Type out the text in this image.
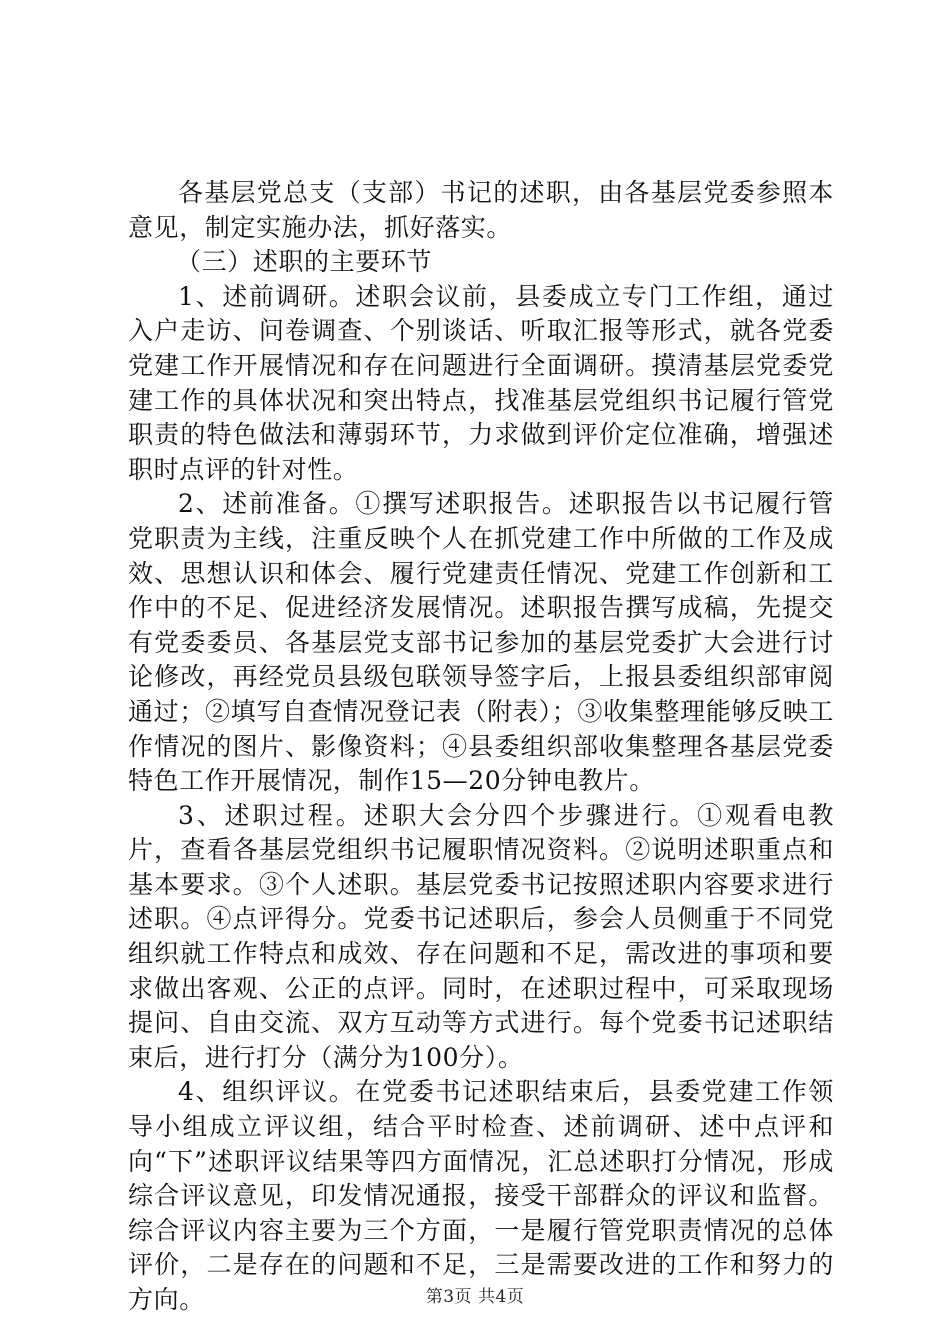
各基层党总支（支部）书记的述职，由各基层党委参照本意见，制定实施办法，抓好落实。

（三）述职的主要环节

1、述前调研。述职会议前，县委成立专门工作组，通过入户走访、问卷调查、个别谈话、听取汇报等形式，就各党委党建工作开展情况和存在问题进行全面调研。摸清基层党委党建工作的具体状况和突出特点，找准基层党组织书记履行管党职责的特色做法和薄弱环节，力求做到评价定位准确，增强述职时点评的针对性。

2、述前准备。①撰写述职报告。述职报告以书记履行管党职责为主线，注重反映个人在抓党建工作中所做的工作及成效、思想认识和体会、履行党建责任情况、党建工作创新和工作中的不足、促进经济发展情况。述职报告撰写成稿，先提交有党委委员、各基层党支部书记参加的基层党委扩大会进行讨论修改，再经党员县级包联领导签字后，上报县委组织部审阅通过；②填写自查情况登记表（附表）；③收集整理能够反映工作情况的图片、影像资料；④县委组织部收集整理各基层党委特色工作开展情况，制作15—20分钟电教片。

3、述职过程。述职大会分四个步骤进行。①观看电教片，查看各基层党组织书记履职情况资料。②说明述职重点和基本要求。③个人述职。基层党委书记按照述职内容要求进行述职。④点评得分。党委书记述职后，参会人员侧重于不同党组织就工作特点和成效、存在问题和不足，需改进的事项和要求做出客观、公正的点评。同时，在述职过程中，可采取现场提问、自由交流、双方互动等方式进行。每个党委书记述职结束后，进行打分（满分为100分）。

4、组织评议。在党委书记述职结束后，县委党建工作领导小组成立评议组，结合平时检查、述前调研、述中点评和向“下”述职评议结果等四方面情况，汇总述职打分情况，形成综合评议意见，印发情况通报，接受干部群众的评议和监督。综合评议内容主要为三个方面，一是履行管党职责情况的总体评价，二是存在的问题和不足，三是需要改进的工作和努力的方向。	第3页 共4页
